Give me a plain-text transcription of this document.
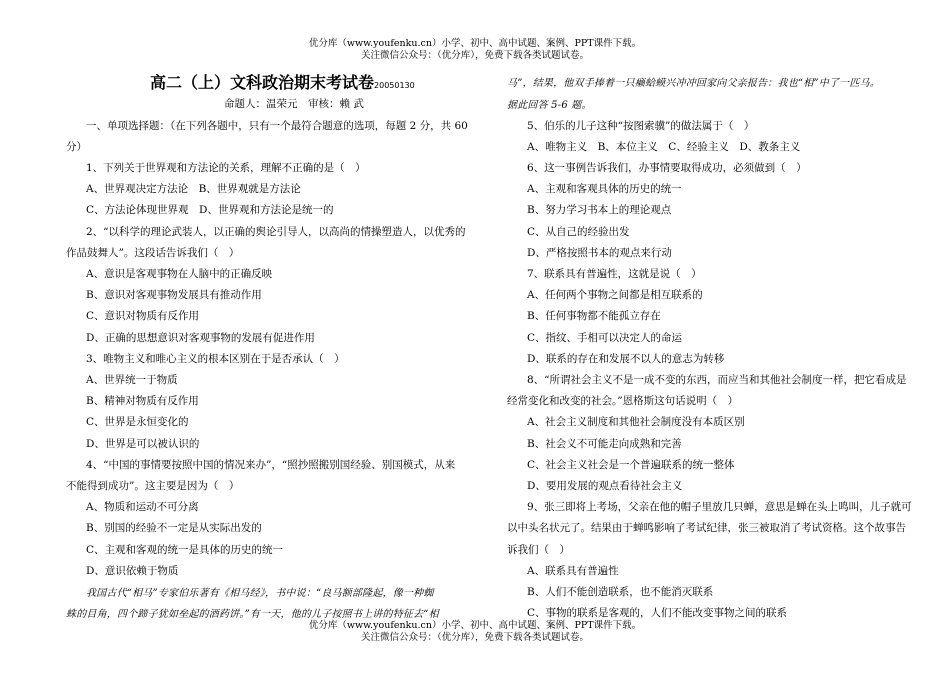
优分库（www.youfenku.cn）小学、初中、高中试题、案例、PPT课件下载。
关注微信公众号：（优分库），免费下载各类试题试卷。
高二（上）文科政治期末考试卷20050130
命题人：温荣元　审核：赖 武
一、单项选择题：（在下列各题中，只有一个最符合题意的选项，每题 2 分，共 60
分）
1、下列关于世界观和方法论的关系，理解不正确的是（　）
A、世界观决定方法论　B、世界观就是方法论
C、方法论体现世界观　D、世界观和方法论是统一的
2、“以科学的理论武装人，以正确的舆论引导人，以高尚的情操塑造人，以优秀的
作品鼓舞人”。这段话告诉我们（　）
A、意识是客观事物在人脑中的正确反映
B、意识对客观事物发展具有推动作用
C、意识对物质有反作用
D、正确的思想意识对客观事物的发展有促进作用
3、唯物主义和唯心主义的根本区别在于是否承认（　）
A、世界统一于物质
B、精神对物质有反作用
C、世界是永恒变化的
D、世界是可以被认识的
4、“中国的事情要按照中国的情况来办”，“照抄照搬别国经验、别国模式，从来
不能得到成功”。这主要是因为（　）
A、物质和运动不可分离
B、别国的经验不一定是从实际出发的
C、主观和客观的统一是具体的历史的统一
D、意识依赖于物质
我国古代“相马”专家伯乐著有《相马经》，书中说：“良马额部隆起，像一种蜘
蛛的目角，四个蹄子犹如垒起的酒药饼。”有一天，他的儿子按照书上讲的特征去“相
马”，结果，他双手捧着一只癞蛤蟆兴冲冲回家向父亲报告：我也“相”中了一匹马。
据此回答 5-6 题。
5、伯乐的儿子这种“按图索骥”的做法属于（　）
A、唯物主义　B、本位主义　C、经验主义　D、教条主义
6、这一事例告诉我们，办事情要取得成功，必须做到（　）
A、主观和客观具体的历史的统一
B、努力学习书本上的理论观点
C、从自己的经验出发
D、严格按照书本的观点来行动
7、联系具有普遍性，这就是说（　）
A、任何两个事物之间都是相互联系的
B、任何事物都不能孤立存在
C、指纹、手相可以决定人的命运
D、联系的存在和发展不以人的意志为转移
8、“所谓社会主义不是一成不变的东西，而应当和其他社会制度一样，把它看成是
经常变化和改变的社会。”恩格斯这句话说明（　）
A、社会主义制度和其他社会制度没有本质区别
B、社会义不可能走向成熟和完善
C、社会主义社会是一个普遍联系的统一整体
D、要用发展的观点看待社会主义
9、张三即将上考场，父亲在他的帽子里放几只蝉，意思是蝉在头上鸣叫，儿子就可
以中头名状元了。结果由于蝉鸣影响了考试纪律，张三被取消了考试资格。这个故事告
诉我们（　）
A、联系具有普遍性
B、人们不能创造联系，也不能消灭联系
C、事物的联系是客观的，人们不能改变事物之间的联系
优分库（www.youfenku.cn）小学、初中、高中试题、案例、PPT课件下载。
关注微信公众号：（优分库），免费下载各类试题试卷。
